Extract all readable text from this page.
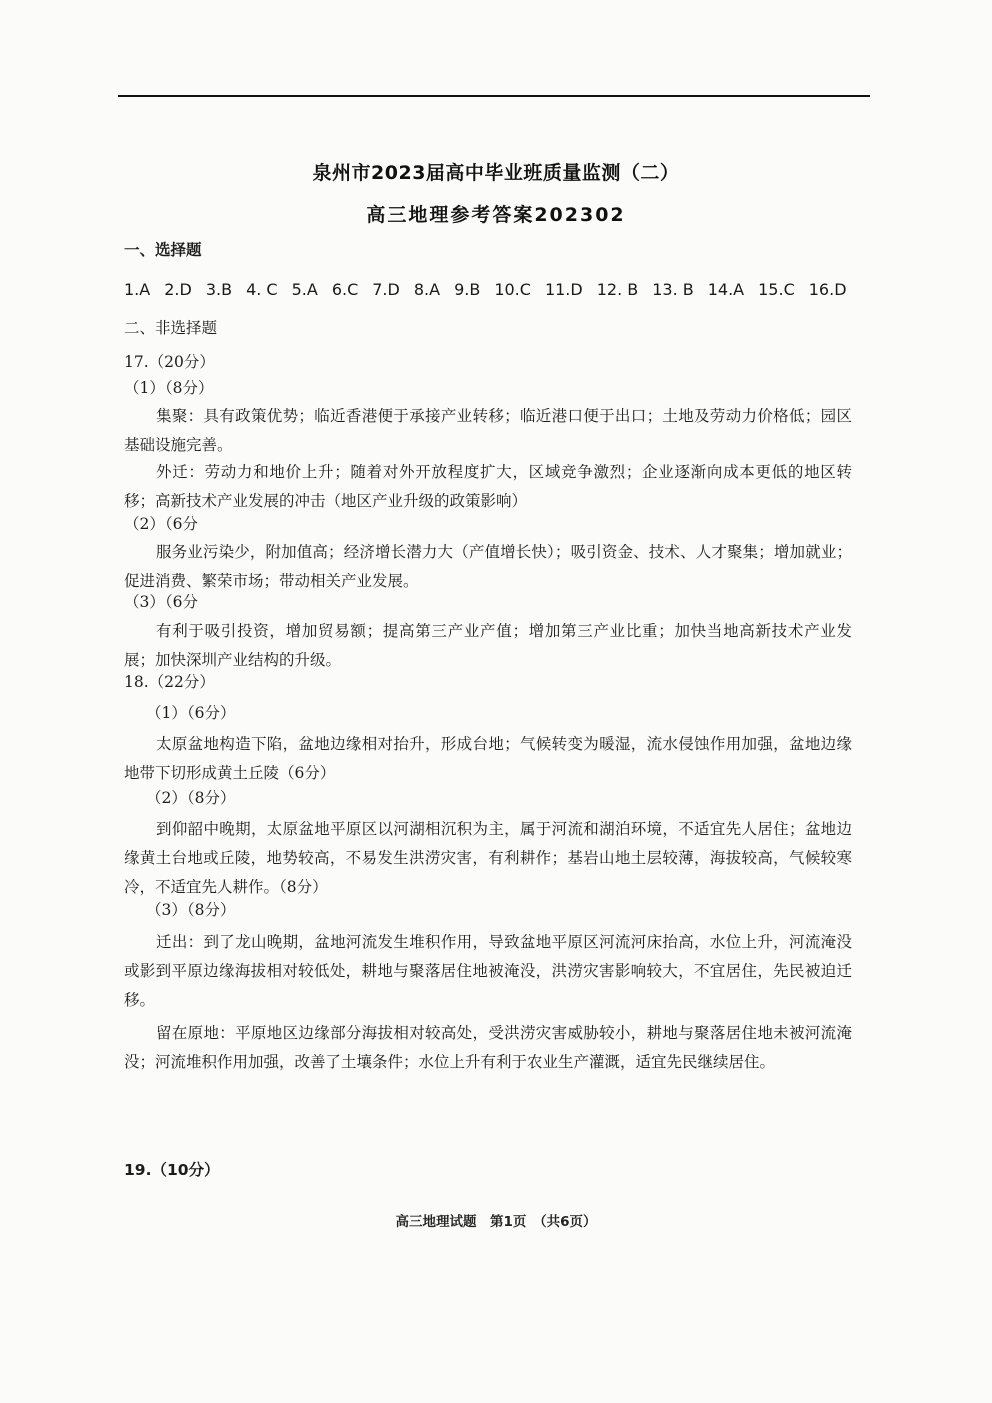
泉州市2023届高中毕业班质量监测（二）
高三地理参考答案202302
一、选择题
1.A 2.D 3.B 4. C 5.A 6.C 7.D 8.A 9.B 10.C 11.D 12. B 13. B 14.A 15.C 16.D
二、非选择题
17.（20分）
（1）（8分）
集聚：具有政策优势；临近香港便于承接产业转移；临近港口便于出口；土地及劳动力价格低；园区基础设施完善。
外迁：劳动力和地价上升；随着对外开放程度扩大，区域竞争激烈；企业逐渐向成本更低的地区转移；高新技术产业发展的冲击（地区产业升级的政策影响）
（2）（6分
服务业污染少，附加值高；经济增长潜力大（产值增长快）；吸引资金、技术、人才聚集；增加就业；促进消费、繁荣市场；带动相关产业发展。
（3）（6分
有利于吸引投资，增加贸易额；提高第三产业产值；增加第三产业比重；加快当地高新技术产业发展；加快深圳产业结构的升级。
18.（22分）
（1）（6分）
太原盆地构造下陷，盆地边缘相对抬升，形成台地；气候转变为暖湿，流水侵蚀作用加强，盆地边缘地带下切形成黄土丘陵（6分）
（2）（8分）
到仰韶中晚期，太原盆地平原区以河湖相沉积为主，属于河流和湖泊环境，不适宜先人居住；盆地边缘黄土台地或丘陵，地势较高，不易发生洪涝灾害，有利耕作；基岩山地土层较薄，海拔较高，气候较寒冷，不适宜先人耕作。（8分）
（3）（8分）
迁出：到了龙山晚期，盆地河流发生堆积作用，导致盆地平原区河流河床抬高，水位上升，河流淹没或影到平原边缘海拔相对较低处，耕地与聚落居住地被淹没，洪涝灾害影响较大，不宜居住，先民被迫迁移。
留在原地：平原地区边缘部分海拔相对较高处，受洪涝灾害威胁较小，耕地与聚落居住地未被河流淹没；河流堆积作用加强，改善了土壤条件；水位上升有利于农业生产灌溉，适宜先民继续居住。
19.（10分）
高三地理试题　第1页　（共6页）
